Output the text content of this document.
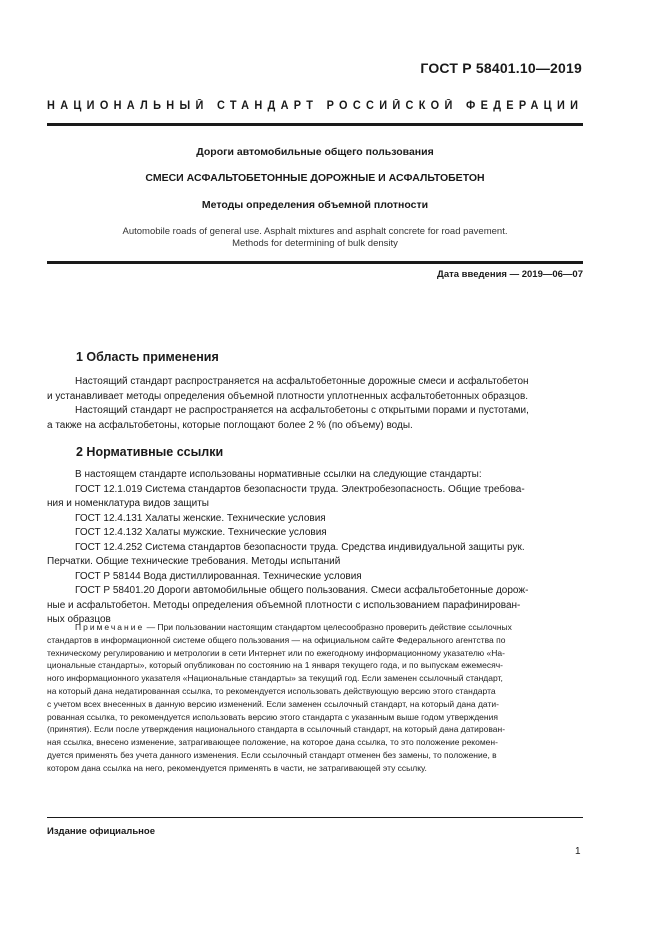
ГОСТ Р 58401.10—2019
НАЦИОНАЛЬНЫЙ СТАНДАРТ РОССИЙСКОЙ ФЕДЕРАЦИИ
Дороги автомобильные общего пользования
СМЕСИ АСФАЛЬТОБЕТОННЫЕ ДОРОЖНЫЕ И АСФАЛЬТОБЕТОН
Методы определения объемной плотности
Automobile roads of general use. Asphalt mixtures and asphalt concrete for road pavement.
Methods for determining of bulk density
Дата введения — 2019—06—07
1 Область применения
Настоящий стандарт распространяется на асфальтобетонные дорожные смеси и асфальтобетон
и устанавливает методы определения объемной плотности уплотненных асфальтобетонных образцов.
Настоящий стандарт не распространяется на асфальтобетоны с открытыми порами и пустотами,
а также на асфальтобетоны, которые поглощают более 2 % (по объему) воды.
2 Нормативные ссылки
В настоящем стандарте использованы нормативные ссылки на следующие стандарты:
ГОСТ 12.1.019 Система стандартов безопасности труда. Электробезопасность. Общие требова-
ния и номенклатура видов защиты
ГОСТ 12.4.131 Халаты женские. Технические условия
ГОСТ 12.4.132 Халаты мужские. Технические условия
ГОСТ 12.4.252 Система стандартов безопасности труда. Средства индивидуальной защиты рук.
Перчатки. Общие технические требования. Методы испытаний
ГОСТ Р 58144 Вода дистиллированная. Технические условия
ГОСТ Р 58401.20 Дороги автомобильные общего пользования. Смеси асфальтобетонные дорож-
ные и асфальтобетон. Методы определения объемной плотности с использованием парафинирован-
ных образцов
Примечание — При пользовании настоящим стандартом целесообразно проверить действие ссылочных
стандартов в информационной системе общего пользования — на официальном сайте Федерального агентства по
техническому регулированию и метрологии в сети Интернет или по ежегодному информационному указателю «На-
циональные стандарты», который опубликован по состоянию на 1 января текущего года, и по выпускам ежемесяч-
ного информационного указателя «Национальные стандарты» за текущий год. Если заменен ссылочный стандарт,
на который дана недатированная ссылка, то рекомендуется использовать действующую версию этого стандарта
с учетом всех внесенных в данную версию изменений. Если заменен ссылочный стандарт, на который дана дати-
рованная ссылка, то рекомендуется использовать версию этого стандарта с указанным выше годом утверждения
(принятия). Если после утверждения национального стандарта в ссылочный стандарт, на который дана датирован-
ная ссылка, внесено изменение, затрагивающее положение, на которое дана ссылка, то это положение рекомен-
дуется применять без учета данного изменения. Если ссылочный стандарт отменен без замены, то положение, в
котором дана ссылка на него, рекомендуется применять в части, не затрагивающей эту ссылку.
Издание официальное
1
